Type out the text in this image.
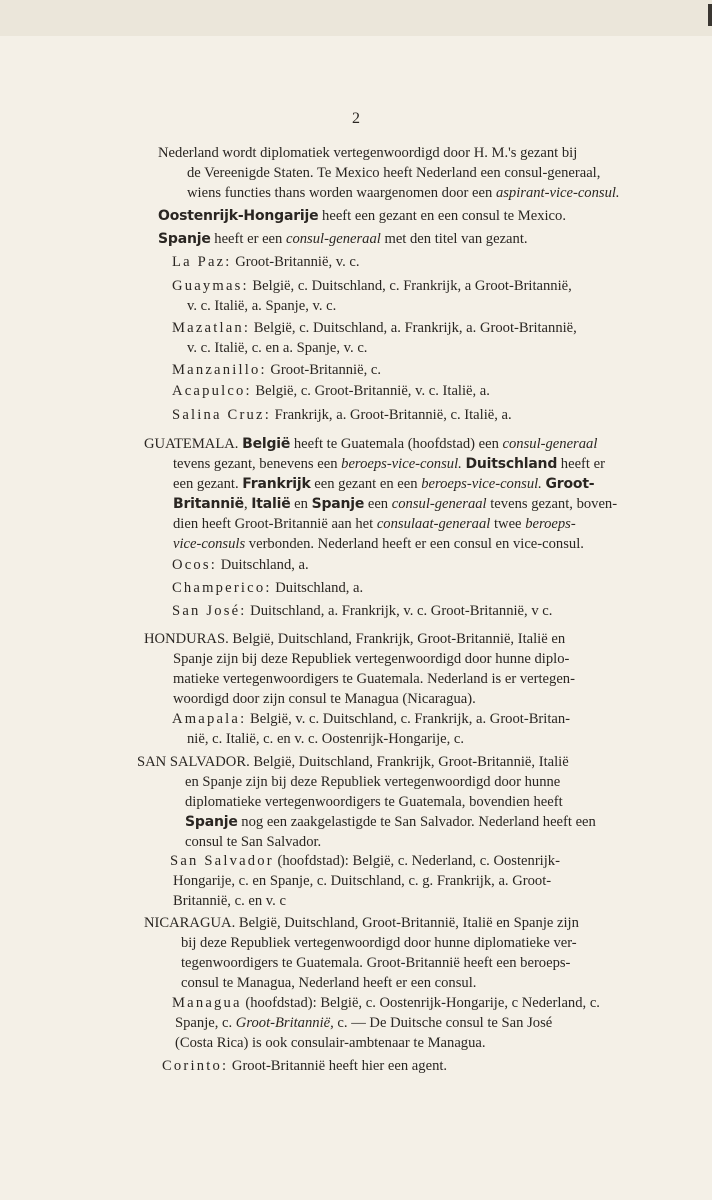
2
Nederland wordt diplomatiek vertegenwoordigd door H. M.'s gezant bij
de Vereenigde Staten. Te Mexico heeft Nederland een consul-generaal,
wiens functies thans worden waargenomen door een aspirant-vice-consul.
Oostenrijk-Hongarije heeft een gezant en een consul te Mexico.
Spanje heeft er een consul-generaal met den titel van gezant.
La Paz: Groot-Britannië, v. c.
Guaymas: België, c. Duitschland, c. Frankrijk, a Groot-Britannië,
v. c. Italië, a. Spanje, v. c.
Mazatlan: België, c. Duitschland, a. Frankrijk, a. Groot-Britannië,
v. c. Italië, c. en a. Spanje, v. c.
Manzanillo: Groot-Britannië, c.
Acapulco: België, c. Groot-Britannië, v. c. Italië, a.
Salina Cruz: Frankrijk, a. Groot-Britannië, c. Italië, a.
GUATEMALA. België heeft te Guatemala (hoofdstad) een consul-generaal
tevens gezant, benevens een beroeps-vice-consul. Duitschland heeft er
een gezant. Frankrijk een gezant en een beroeps-vice-consul. Groot-
Britannië, Italië en Spanje een consul-generaal tevens gezant, boven-
dien heeft Groot-Britannië aan het consulaat-generaal twee beroeps-
vice-consuls verbonden. Nederland heeft er een consul en vice-consul.
Ocos: Duitschland, a.
Champerico: Duitschland, a.
San José: Duitschland, a. Frankrijk, v. c. Groot-Britannië, v c.
HONDURAS. België, Duitschland, Frankrijk, Groot-Britannië, Italië en
Spanje zijn bij deze Republiek vertegenwoordigd door hunne diplo-
matieke vertegenwoordigers te Guatemala. Nederland is er vertegen-
woordigd door zijn consul te Managua (Nicaragua).
Amapala: België, v. c. Duitschland, c. Frankrijk, a. Groot-Britan-
nië, c. Italië, c. en v. c. Oostenrijk-Hongarije, c.
SAN SALVADOR. België, Duitschland, Frankrijk, Groot-Britannië, Italië
en Spanje zijn bij deze Republiek vertegenwoordigd door hunne
diplomatieke vertegenwoordigers te Guatemala, bovendien heeft
Spanje nog een zaakgelastigde te San Salvador. Nederland heeft een
consul te San Salvador.
San Salvador (hoofdstad): België, c. Nederland, c. Oostenrijk-
Hongarije, c. en Spanje, c. Duitschland, c. g. Frankrijk, a. Groot-
Britannië, c. en v. c
NICARAGUA. België, Duitschland, Groot-Britannië, Italië en Spanje zijn
bij deze Republiek vertegenwoordigd door hunne diplomatieke ver-
tegenwoordigers te Guatemala. Groot-Britannië heeft een beroeps-
consul te Managua, Nederland heeft er een consul.
Managua (hoofdstad): België, c. Oostenrijk-Hongarije, c Nederland, c.
Spanje, c. Groot-Britannië, c. — De Duitsche consul te San José
(Costa Rica) is ook consulair-ambtenaar te Managua.
Corinto: Groot-Britannië heeft hier een agent.
